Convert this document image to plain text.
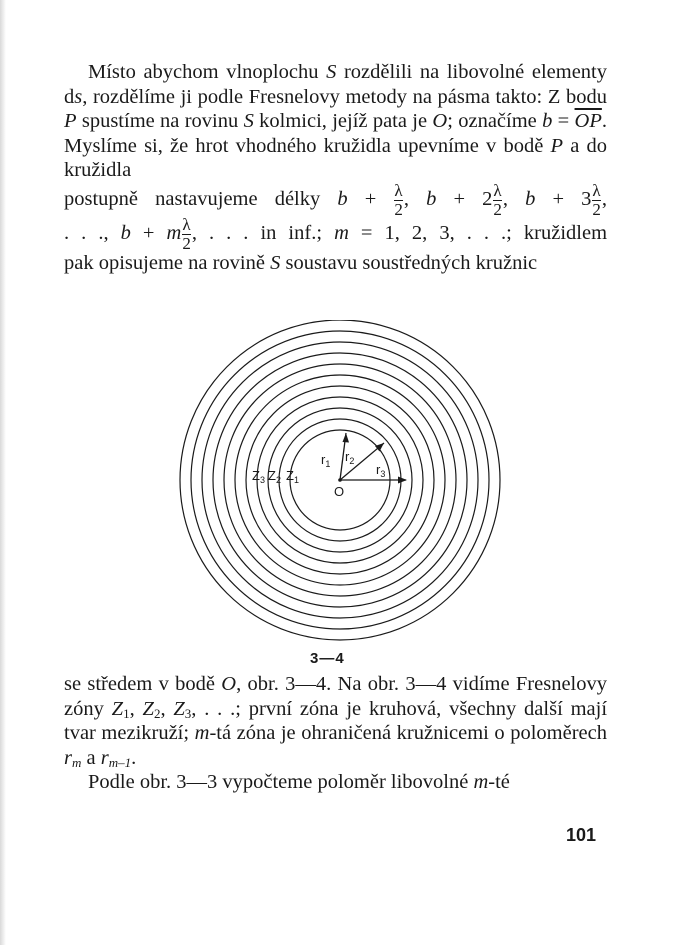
Místo abychom vlnoplochu S rozdělili na libovolné elementy ds, rozdělíme ji podle Fresnelovy metody na pásma takto: Z bodu P spustíme na rovinu S kolmici, jejíž pata je O; označíme $b = \overline{OP}$. Myslíme si, že hrot vhodného kružidla upevníme v bodě P a do kružidla

postupně nastavujeme délky $b + \frac{\lambda}{2}$ , $b + 2 \frac{\lambda}{2}$ , $b + 3 \frac{\lambda}{2}$ ,
. . ., b + m $\frac{\lambda}{2}$ , . . . in inf.; m = 1, 2, 3, . . .; kružidlem

pak opisujeme na rovině S soustavu soustředných kružnic

$r_1$ $r_2$
$r_3$
O
$Z_1$
$Z_2$
$Z_3$
3—4

se středem v bodě O, obr. 3—4. Na obr. 3—4 vidíme Fresnelovy zóny $Z_1$, $Z_2$, $Z_3$, . . .; první zóna je kruhová, všechny další mají tvar mezikruží; m-tá zóna je ohraničená kružnicemi o poloměrech $r_m$ a $r_{m-1}$.

Podle obr. 3—3 vypočteme poloměr libovolné m-té

101
